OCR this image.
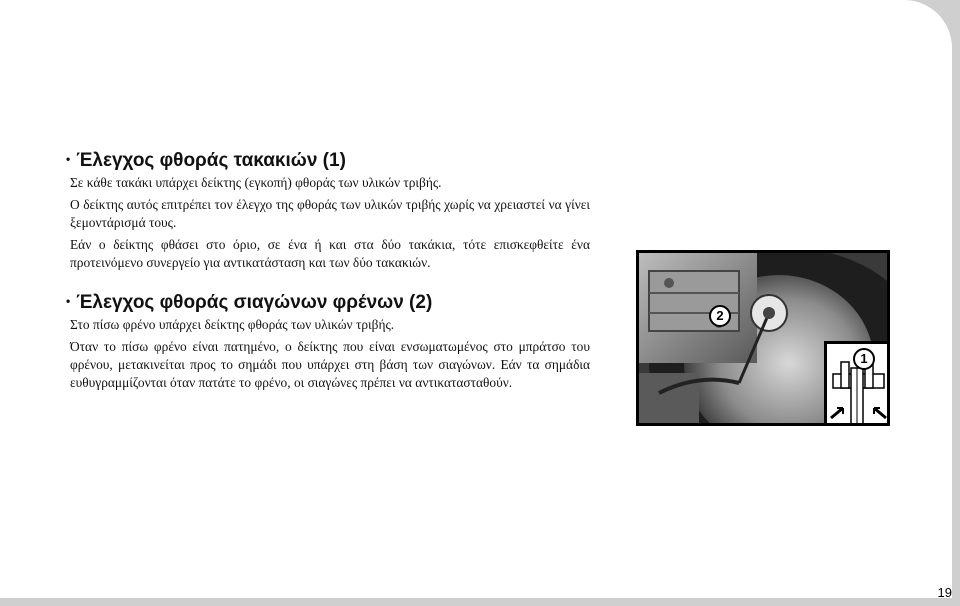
• Έλεγχος φθοράς τακακιών (1)

Σε κάθε τακάκι υπάρχει δείκτης (εγκοπή) φθοράς των υλικών τριβής.

Ο δείκτης αυτός επιτρέπει τον έλεγχο της φθοράς των υλικών τριβής χωρίς να χρειαστεί να γίνει ξεμοντάρισμά τους.

Εάν ο δείκτης φθάσει στο όριο, σε ένα ή και στα δύο τακάκια, τότε επισκεφθείτε ένα προτεινόμενο συνεργείο για αντικατάσταση και των δύο τακακιών.

• Έλεγχος φθοράς σιαγώνων φρένων (2)

Στο πίσω φρένο υπάρχει δείκτης φθοράς των υλικών τριβής.

Όταν το πίσω φρένο είναι πατημένο, ο δείκτης που είναι ενσωματωμένος στο μπράτσο του φρένου, μετακινείται προς το σημάδι που υπάρχει στη βάση των σιαγώνων. Εάν τα σημάδια ευθυγραμμίζονται όταν πατάτε το φρένο, οι σιαγώνες πρέπει να αντικατασταθούν.

2
1
19
